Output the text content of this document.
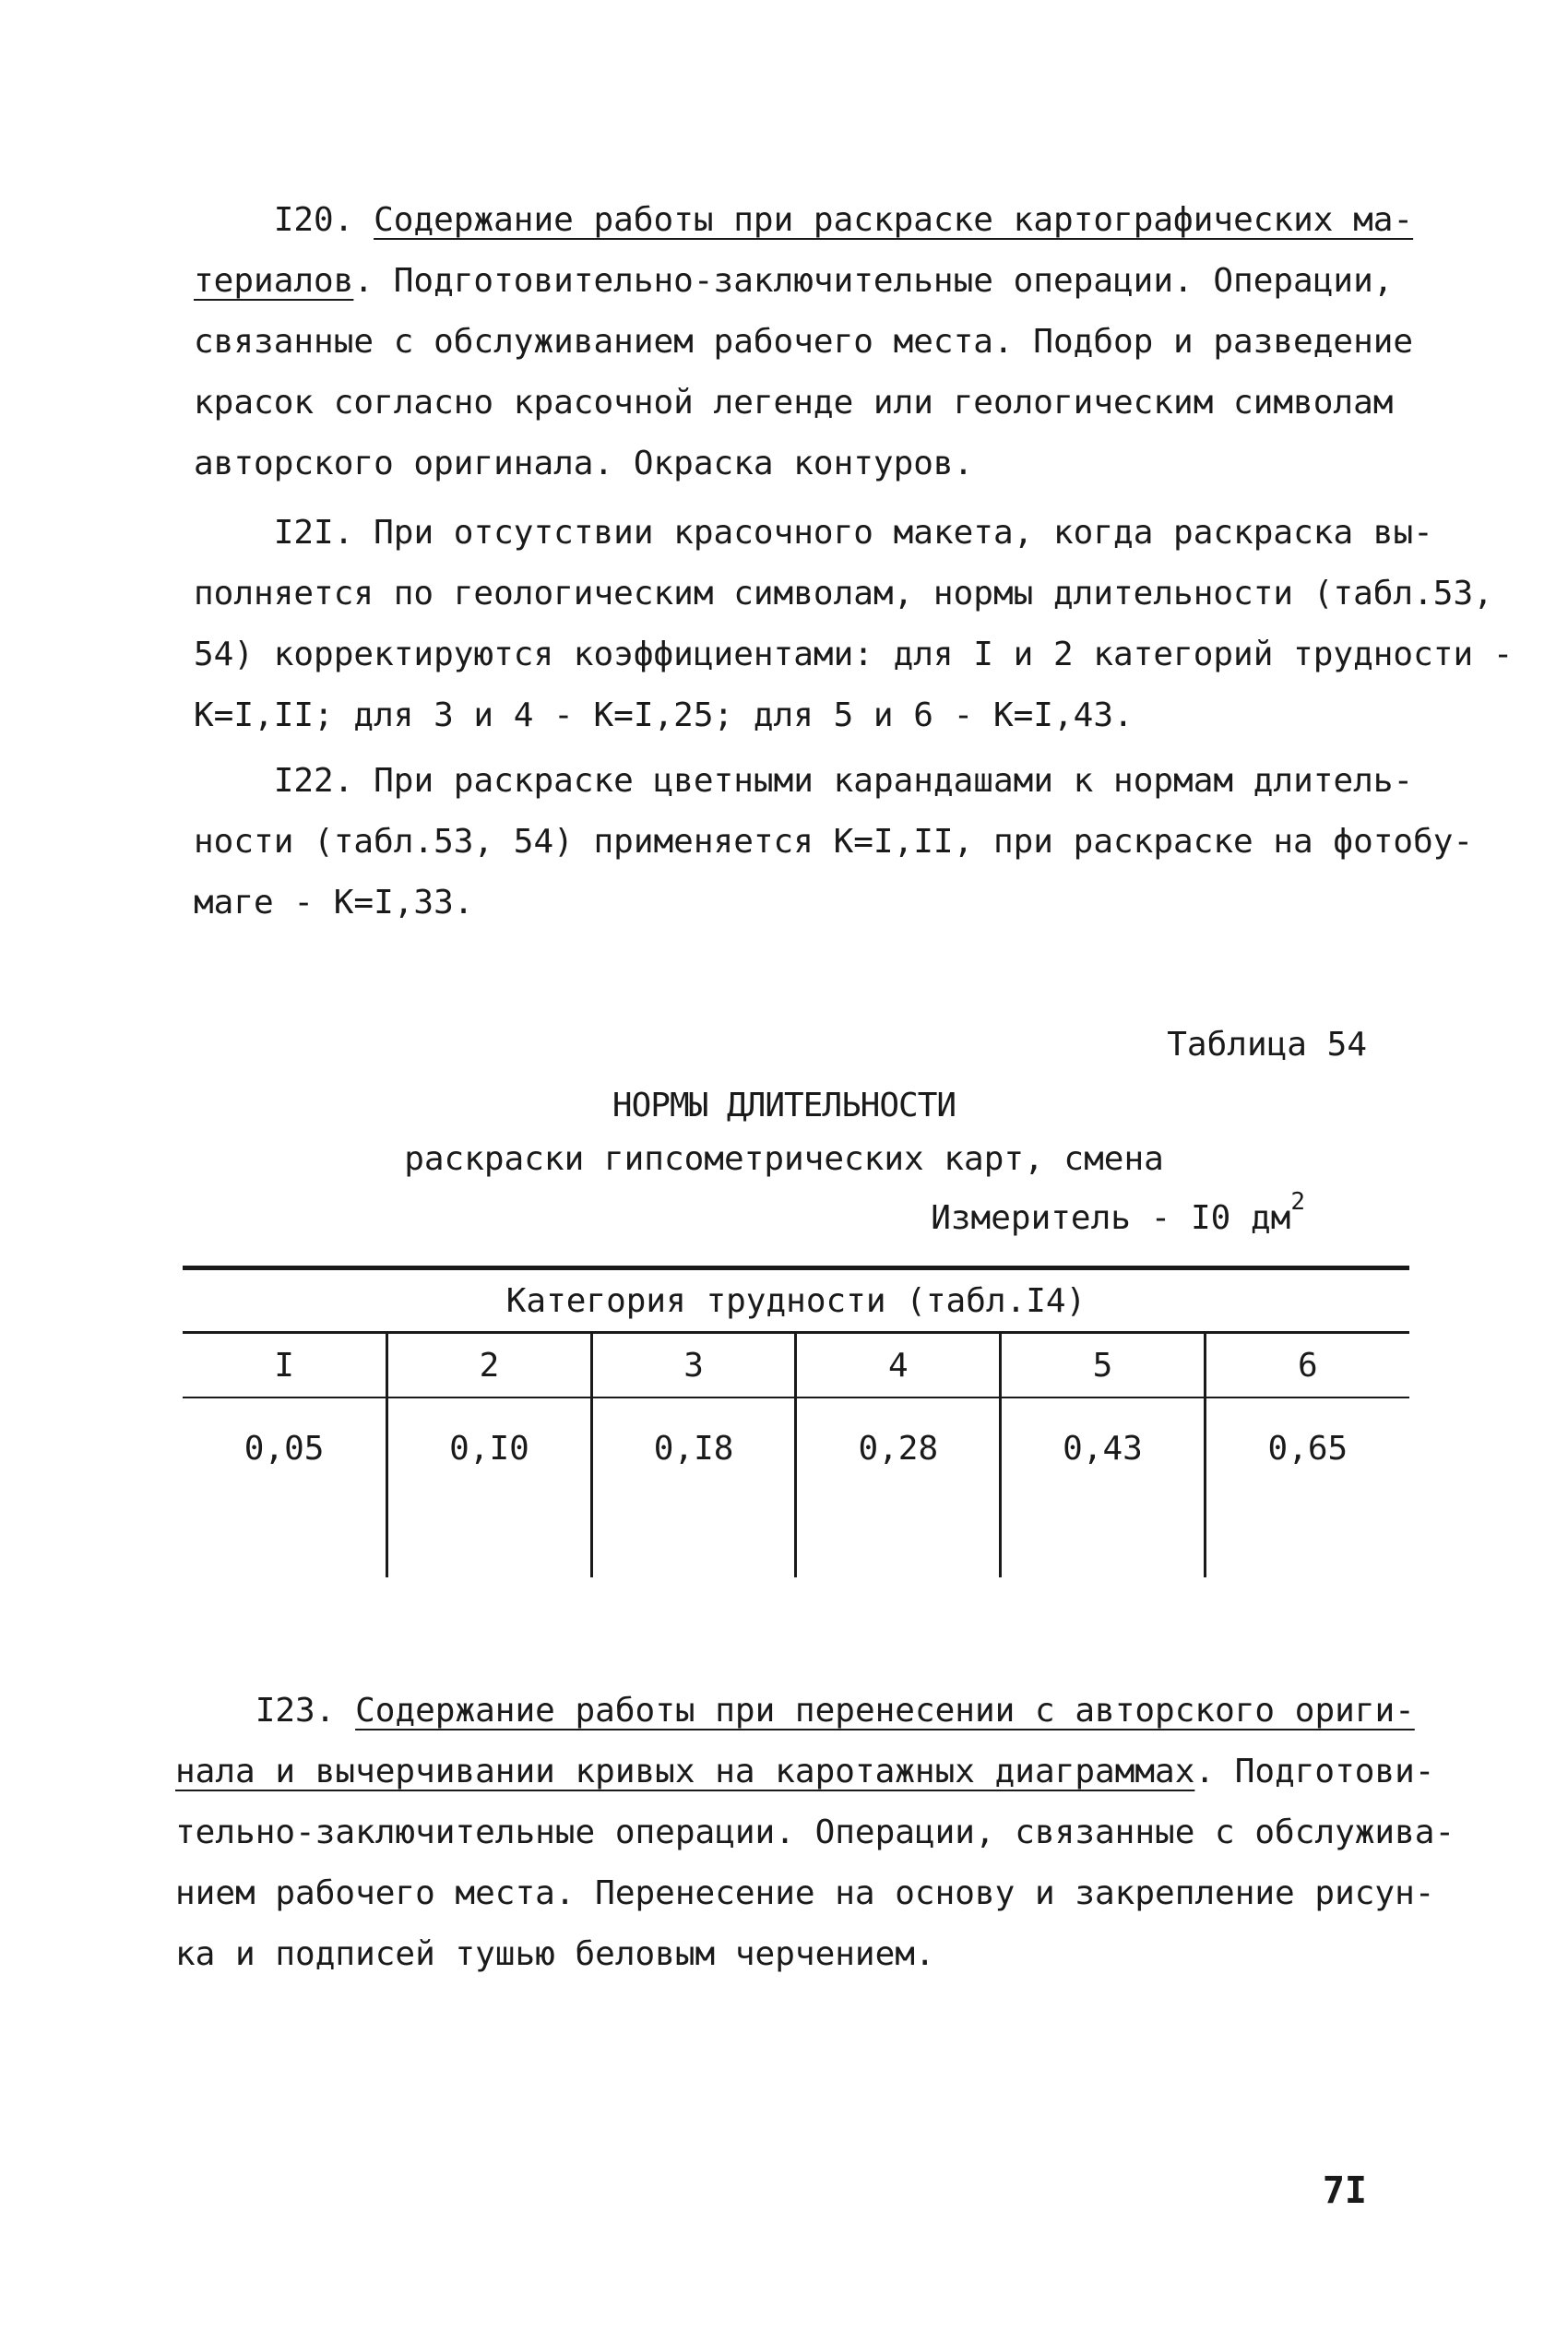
I20. Содержание работы при раскраске картографических ма-
териалов. Подготовительно-заключительные операции. Операции,
связанные с обслуживанием рабочего места. Подбор и разведение
красок согласно красочной легенде или геологическим символам
авторского оригинала. Окраска контуров.
I2I. При отсутствии красочного макета, когда раскраска вы-
полняется по геологическим символам, нормы длительности (табл.53,
54) корректируются коэффициентами: для I и 2 категорий трудности -
К=I,II; для 3 и 4 - К=I,25; для 5 и 6 - К=I,43.
I22. При раскраске цветными карандашами к нормам длитель-
ности (табл.53, 54) применяется К=I,II, при раскраске на фотобу-
маге - К=I,33.
Таблица 54
НОРМЫ ДЛИТЕЛЬНОСТИ
раскраски гипсометрических карт, смена
Измеритель - I0 $дм^2$
Категория трудности (табл.I4)					
I	2	3	4	5	6
0,05	0,I0	0,I8	0,28	0,43	0,65
I23. Содержание работы при перенесении с авторского ориги-
нала и вычерчивании кривых на каротажных диаграммах. Подготови-
тельно-заключительные операции. Операции, связанные с обслужива-
нием рабочего места. Перенесение на основу и закрепление рисун-
ка и подписей тушью беловым черчением.
7I
